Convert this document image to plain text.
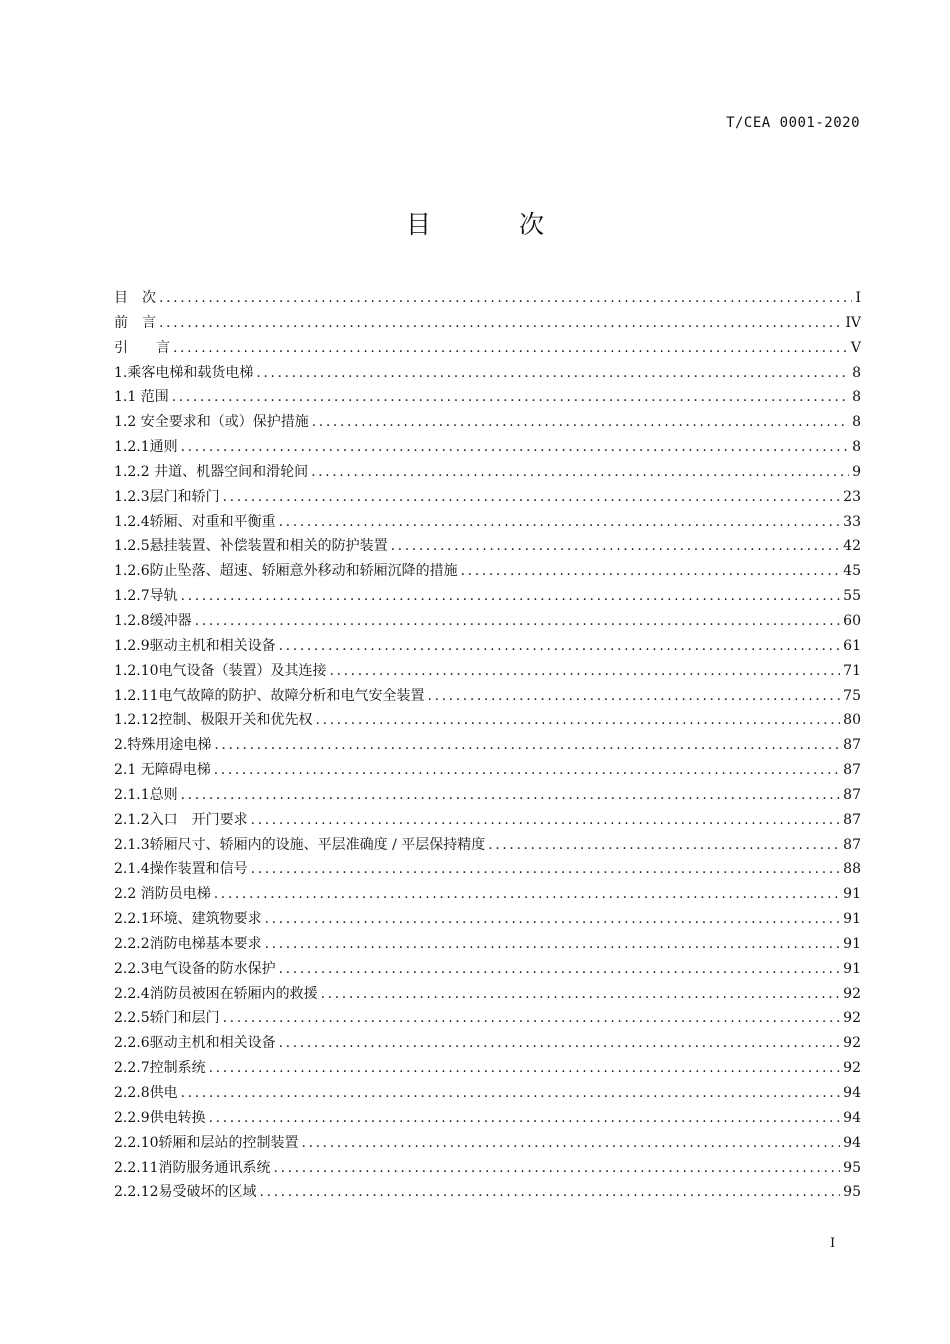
T/CEA 0001-2020
目 次
目　次 .....	I
前　言 .....	IV
引　　言 .....	V
1.乘客电梯和载货电梯 .....	8
1.1 范围 .....	8
1.2 安全要求和（或）保护措施 .....	8
1.2.1通则 .....	8
1.2.2 井道、机器空间和滑轮间 .....	9
1.2.3层门和轿门 .....	23
1.2.4轿厢、对重和平衡重 .....	33
1.2.5悬挂装置、补偿装置和相关的防护装置 .....	42
1.2.6防止坠落、超速、轿厢意外移动和轿厢沉降的措施 .....	45
1.2.7导轨 .....	55
1.2.8缓冲器 .....	60
1.2.9驱动主机和相关设备 .....	61
1.2.10电气设备（装置）及其连接 .....	71
1.2.11电气故障的防护、故障分析和电气安全装置 .....	75
1.2.12控制、极限开关和优先权 .....	80
2.特殊用途电梯 .....	87
2.1 无障碍电梯 .....	87
2.1.1总则 .....	87
2.1.2入口　开门要求 .....	87
2.1.3轿厢尺寸、轿厢内的设施、平层准确度 / 平层保持精度 .....	87
2.1.4操作装置和信号 .....	88
2.2 消防员电梯 .....	91
2.2.1环境、建筑物要求 .....	91
2.2.2消防电梯基本要求 .....	91
2.2.3电气设备的防水保护 .....	91
2.2.4消防员被困在轿厢内的救援 .....	92
2.2.5轿门和层门 .....	92
2.2.6驱动主机和相关设备 .....	92
2.2.7控制系统 .....	92
2.2.8供电 .....	94
2.2.9供电转换 .....	94
2.2.10轿厢和层站的控制装置 .....	94
2.2.11消防服务通讯系统 .....	95
2.2.12易受破坏的区域 .....	95
I
